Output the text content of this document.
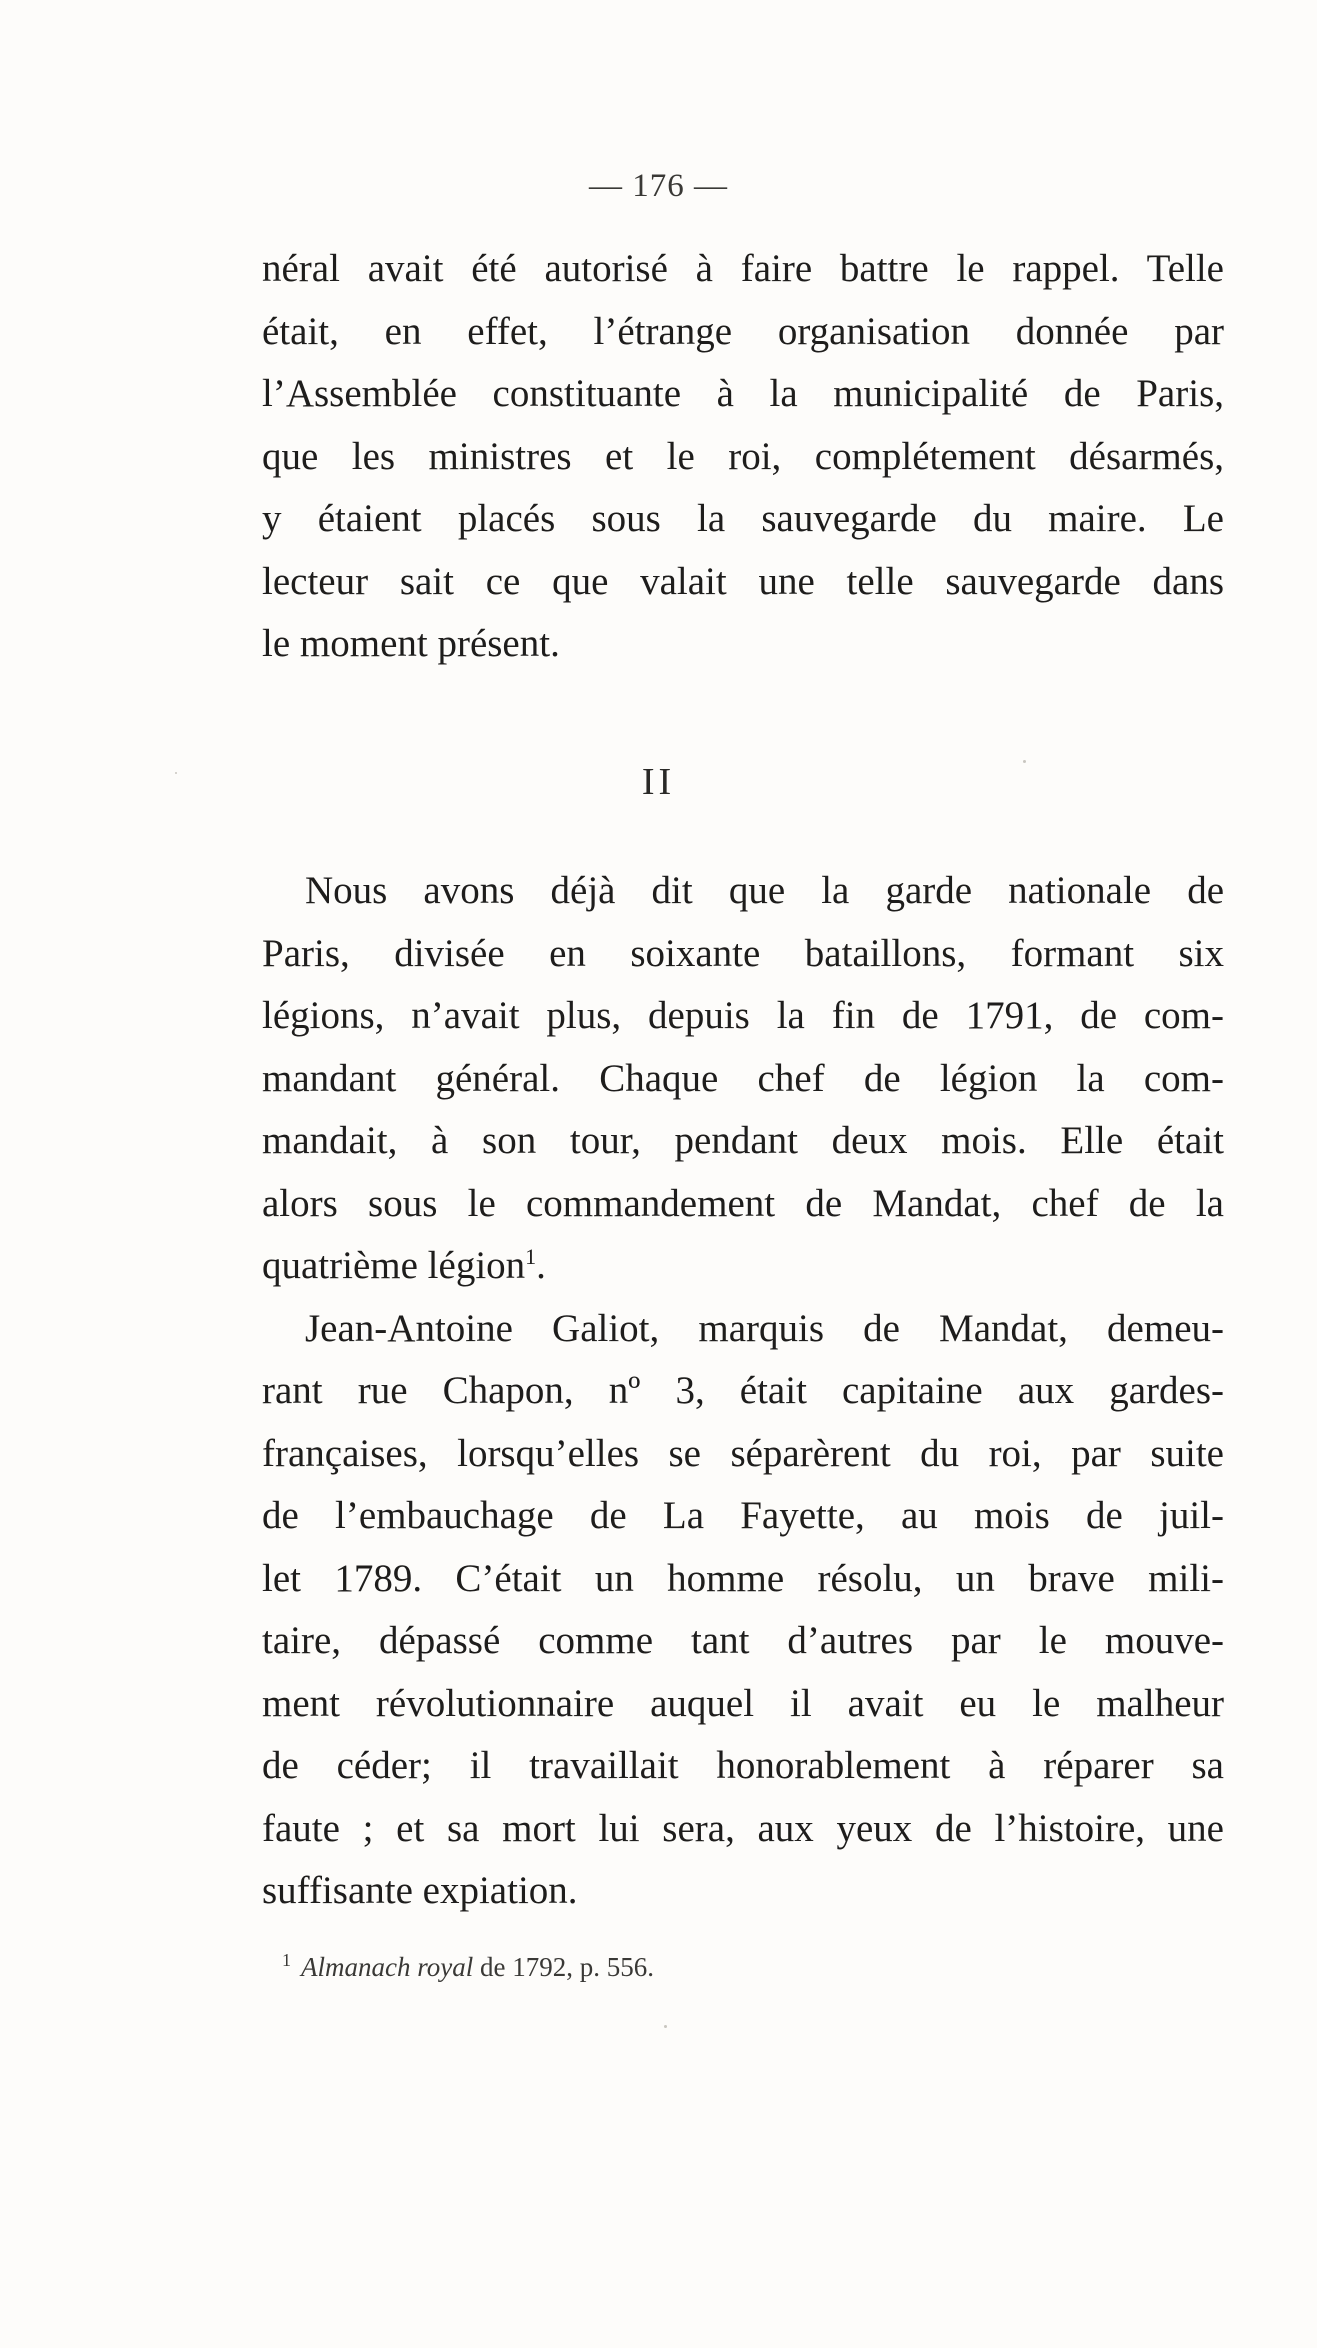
— 176 —
néral avait été autorisé à faire battre le rappel. Telle
était, en effet, l’étrange organisation donnée par
l’Assemblée constituante à la municipalité de Paris,
que les ministres et le roi, complétement désarmés,
y étaient placés sous la sauvegarde du maire. Le
lecteur sait ce que valait une telle sauvegarde dans
le moment présent.
II
Nous avons déjà dit que la garde nationale de
Paris, divisée en soixante bataillons, formant six
légions, n’avait plus, depuis la fin de 1791, de com-
mandant général. Chaque chef de légion la com-
mandait, à son tour, pendant deux mois. Elle était
alors sous le commandement de Mandat, chef de la
quatrième légion$^1$.
Jean-Antoine Galiot, marquis de Mandat, demeu-
rant rue Chapon, nº 3, était capitaine aux gardes-
françaises, lorsqu’elles se séparèrent du roi, par suite
de l’embauchage de La Fayette, au mois de juil-
let 1789. C’était un homme résolu, un brave mili-
taire, dépassé comme tant d’autres par le mouve-
ment révolutionnaire auquel il avait eu le malheur
de céder; il travaillait honorablement à réparer sa
faute ; et sa mort lui sera, aux yeux de l’histoire, une
suffisante expiation.
$^1$ Almanach royal de 1792, p. 556.
